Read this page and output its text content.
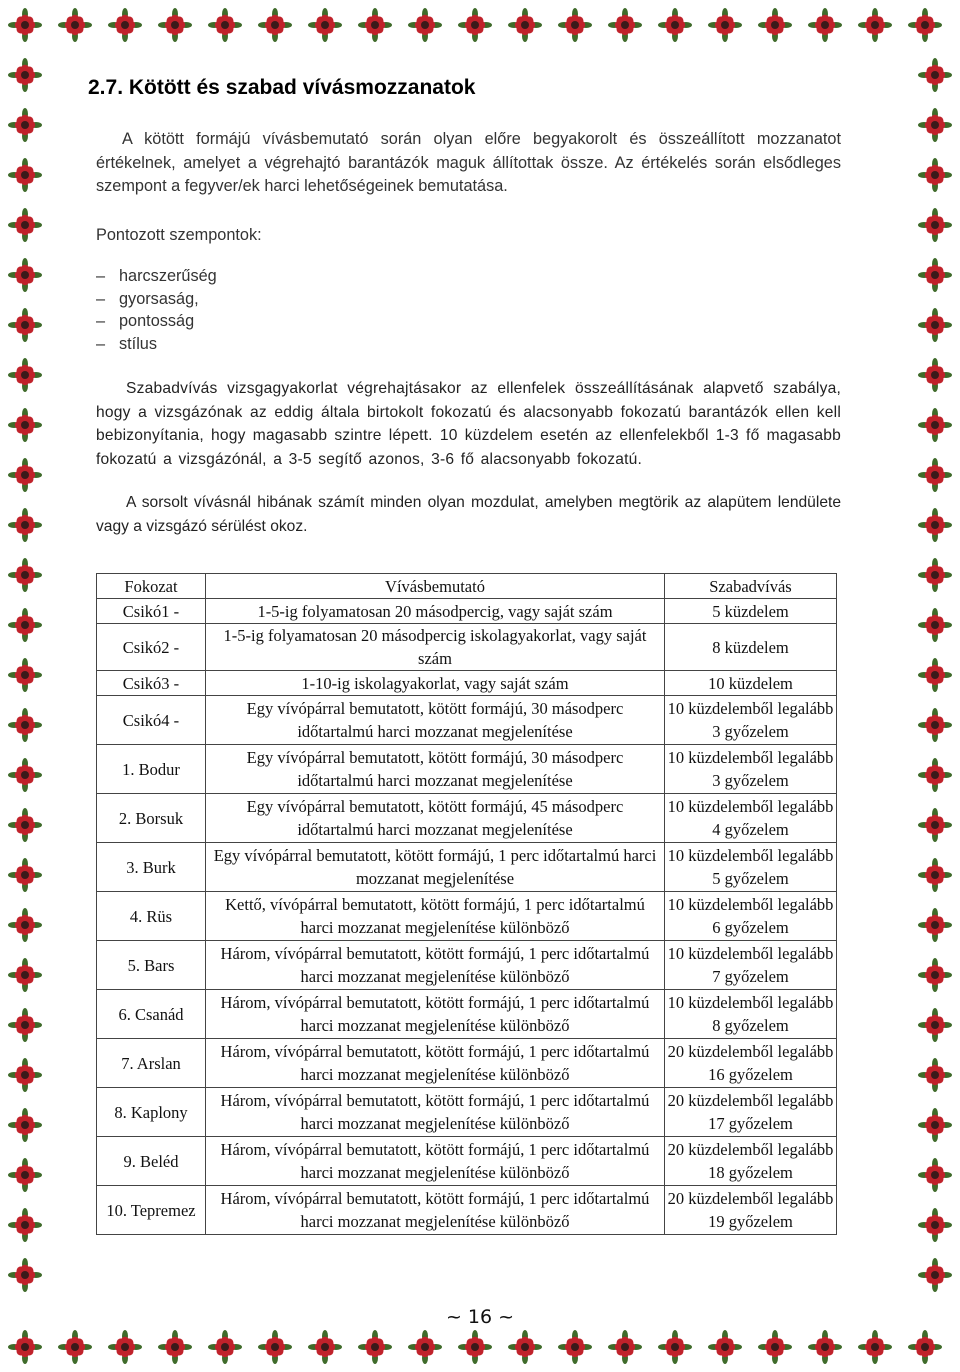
2.7. Kötött és szabad vívásmozzanatok

A kötött formájú vívásbemutató során olyan előre begyakorolt és összeállított mozzanatot értékelnek, amelyet a végrehajtó barantázók maguk állítottak össze. Az értékelés során elsődleges szempont a fegyver/ek harci lehetőségeinek bemutatása.

Pontozott szempontok:

– harcszerűség
– gyorsaság,
– pontosság
– stílus

Szabadvívás vizsgagyakorlat végrehajtásakor az ellenfelek összeállításának alapvető szabálya, hogy a vizsgázónak az eddig általa birtokolt fokozatú és alacsonyabb fokozatú barantázók ellen kell bebizonyítania, hogy magasabb szintre lépett. 10 küzdelem esetén az ellenfelekből 1-3 fő magasabb fokozatú a vizsgázónál, a 3-5 segítő azonos, 3-6 fő alacsonyabb fokozatú.

A sorsolt vívásnál hibának számít minden olyan mozdulat, amelyben megtörik az alapütem lendülete vagy a vizsgázó sérülést okoz.

Fokozat	Vívásbemutató	Szabadvívás
Csikó1 -	1-5-ig folyamatosan 20 másodpercig, vagy saját szám	5 küzdelem
Csikó2 -	1-5-ig folyamatosan 20 másodpercig iskolagyakorlat, vagy saját szám	8 küzdelem
Csikó3 -	1-10-ig iskolagyakorlat, vagy saját szám	10 küzdelem
Csikó4 -	Egy vívópárral bemutatott, kötött formájú, 30 másodperc időtartalmú harci mozzanat megjelenítése	10 küzdelemből legalább 3 győzelem
1. Bodur	Egy vívópárral bemutatott, kötött formájú, 30 másodperc időtartalmú harci mozzanat megjelenítése	10 küzdelemből legalább 3 győzelem
2. Borsuk	Egy vívópárral bemutatott, kötött formájú, 45 másodperc időtartalmú harci mozzanat megjelenítése	10 küzdelemből legalább 4 győzelem
3. Burk	Egy vívópárral bemutatott, kötött formájú, 1 perc időtartalmú harci mozzanat megjelenítése	10 küzdelemből legalább 5 győzelem
4. Rüs	Kettő, vívópárral bemutatott, kötött formájú, 1 perc időtartalmú harci mozzanat megjelenítése különböző	10 küzdelemből legalább 6 győzelem
5. Bars	Három, vívópárral bemutatott, kötött formájú, 1 perc időtartalmú harci mozzanat megjelenítése különböző	10 küzdelemből legalább 7 győzelem
6. Csanád	Három, vívópárral bemutatott, kötött formájú, 1 perc időtartalmú harci mozzanat megjelenítése különböző	10 küzdelemből legalább 8 győzelem
7. Arslan	Három, vívópárral bemutatott, kötött formájú, 1 perc időtartalmú harci mozzanat megjelenítése különböző	20 küzdelemből legalább 16 győzelem
8. Kaplony	Három, vívópárral bemutatott, kötött formájú, 1 perc időtartalmú harci mozzanat megjelenítése különböző	20 küzdelemből legalább 17 győzelem
9. Beléd	Három, vívópárral bemutatott, kötött formájú, 1 perc időtartalmú harci mozzanat megjelenítése különböző	20 küzdelemből legalább 18 győzelem
10. Tepremez	Három, vívópárral bemutatott, kötött formájú, 1 perc időtartalmú harci mozzanat megjelenítése különböző	20 küzdelemből legalább 19 győzelem
~ 16 ~
